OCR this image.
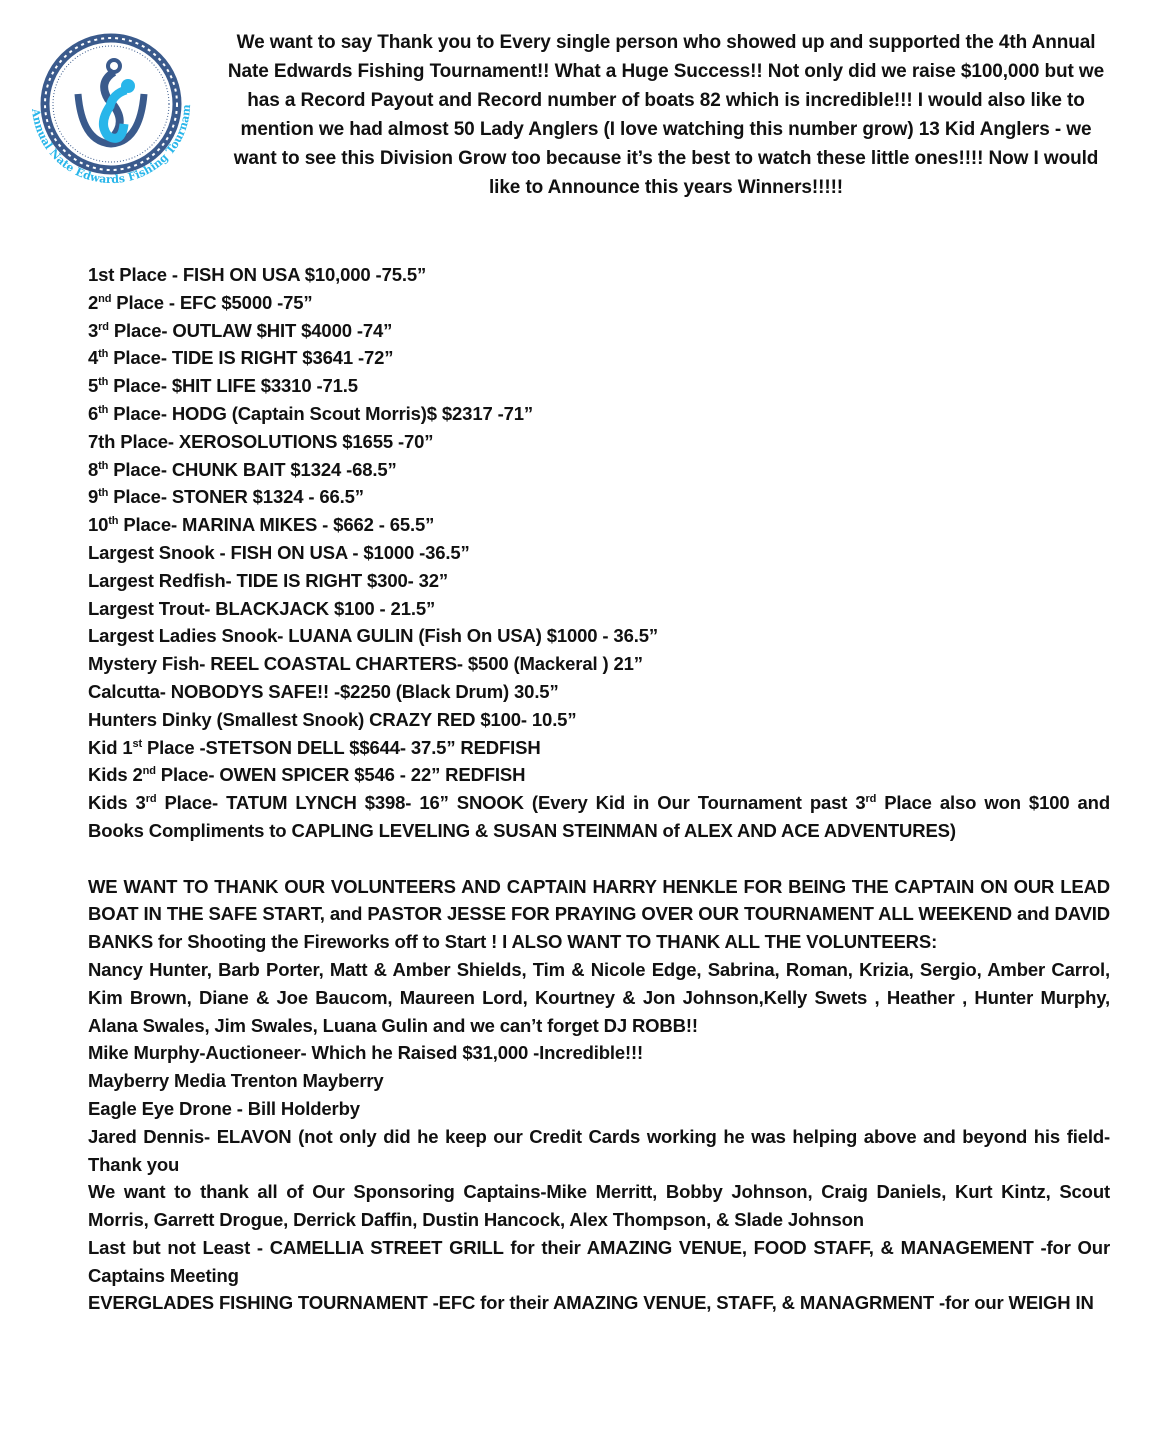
Annual Nate Edwards Fishing Tournam
We want to say Thank you to Every single person who showed up and supported the 4th Annual Nate Edwards Fishing Tournament!! What a Huge Success!! Not only did we raise $100,000 but we has a Record Payout and Record number of boats 82 which is incredible!!! I would also like to mention we had almost 50 Lady Anglers (I love watching this number grow) 13 Kid Anglers - we want to see this Division Grow too because it’s the best to watch these little ones!!!! Now I would like to Announce this years Winners!!!!!
1st Place - FISH ON USA $10,000 -75.5”
2nd Place - EFC $5000 -75”
3rd Place- OUTLAW $HIT $4000 -74”
4th Place- TIDE IS RIGHT $3641 -72”
5th Place- $HIT LIFE $3310 -71.5
6th Place- HODG (Captain Scout Morris)$ $2317 -71”
7th Place- XEROSOLUTIONS $1655 -70”
8th Place- CHUNK BAIT $1324 -68.5”
9th Place- STONER $1324 - 66.5”
10th Place- MARINA MIKES - $662 - 65.5”
Largest Snook - FISH ON USA - $1000 -36.5”
Largest Redfish- TIDE IS RIGHT $300- 32”
Largest Trout- BLACKJACK $100 - 21.5”
Largest Ladies Snook- LUANA GULIN (Fish On USA) $1000 - 36.5”
Mystery Fish- REEL COASTAL CHARTERS- $500 (Mackeral ) 21”
Calcutta- NOBODYS SAFE!! -$2250 (Black Drum) 30.5”
Hunters Dinky (Smallest Snook) CRAZY RED $100- 10.5”
Kid 1st Place -STETSON DELL $$644- 37.5” REDFISH
Kids 2nd Place- OWEN SPICER $546 - 22” REDFISH
Kids 3rd Place- TATUM LYNCH $398- 16” SNOOK (Every Kid in Our Tournament past 3rd Place also won $100 and Books Compliments to CAPLING LEVELING & SUSAN STEINMAN of ALEX AND ACE ADVENTURES)
WE WANT TO THANK OUR VOLUNTEERS AND CAPTAIN HARRY HENKLE FOR BEING THE CAPTAIN ON OUR LEAD BOAT IN THE SAFE START, and PASTOR JESSE FOR PRAYING OVER OUR TOURNAMENT ALL WEEKEND and DAVID BANKS for Shooting the Fireworks off to Start ! I ALSO WANT TO THANK ALL THE VOLUNTEERS:
Nancy Hunter, Barb Porter, Matt & Amber Shields, Tim & Nicole Edge, Sabrina, Roman, Krizia, Sergio, Amber Carrol, Kim Brown, Diane & Joe Baucom, Maureen Lord, Kourtney & Jon Johnson,Kelly Swets , Heather , Hunter Murphy, Alana Swales, Jim Swales, Luana Gulin and we can’t forget DJ ROBB!!
Mike Murphy-Auctioneer- Which he Raised $31,000 -Incredible!!!
Mayberry Media Trenton Mayberry
Eagle Eye Drone - Bill Holderby
Jared Dennis- ELAVON (not only did he keep our Credit Cards working he was helping above and beyond his field-Thank you
We want to thank all of Our Sponsoring Captains-Mike Merritt, Bobby Johnson, Craig Daniels, Kurt Kintz, Scout Morris, Garrett Drogue, Derrick Daffin, Dustin Hancock, Alex Thompson, & Slade Johnson
Last but not Least - CAMELLIA STREET GRILL for their AMAZING VENUE, FOOD STAFF, & MANAGEMENT -for Our Captains Meeting
EVERGLADES FISHING TOURNAMENT -EFC for their AMAZING VENUE, STAFF, & MANAGRMENT -for our WEIGH IN
